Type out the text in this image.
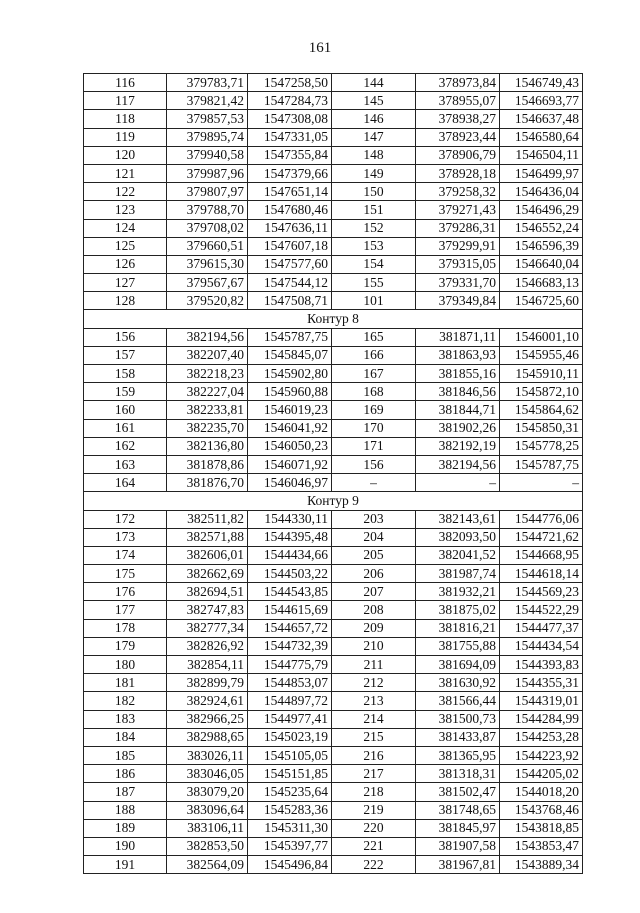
161
116	379783,71	1547258,50	144	378973,84	1546749,43
117	379821,42	1547284,73	145	378955,07	1546693,77
118	379857,53	1547308,08	146	378938,27	1546637,48
119	379895,74	1547331,05	147	378923,44	1546580,64
120	379940,58	1547355,84	148	378906,79	1546504,11
121	379987,96	1547379,66	149	378928,18	1546499,97
122	379807,97	1547651,14	150	379258,32	1546436,04
123	379788,70	1547680,46	151	379271,43	1546496,29
124	379708,02	1547636,11	152	379286,31	1546552,24
125	379660,51	1547607,18	153	379299,91	1546596,39
126	379615,30	1547577,60	154	379315,05	1546640,04
127	379567,67	1547544,12	155	379331,70	1546683,13
128	379520,82	1547508,71	101	379349,84	1546725,60
Контур 8					
156	382194,56	1545787,75	165	381871,11	1546001,10
157	382207,40	1545845,07	166	381863,93	1545955,46
158	382218,23	1545902,80	167	381855,16	1545910,11
159	382227,04	1545960,88	168	381846,56	1545872,10
160	382233,81	1546019,23	169	381844,71	1545864,62
161	382235,70	1546041,92	170	381902,26	1545850,31
162	382136,80	1546050,23	171	382192,19	1545778,25
163	381878,86	1546071,92	156	382194,56	1545787,75
164	381876,70	1546046,97	–	–	–
Контур 9					
172	382511,82	1544330,11	203	382143,61	1544776,06
173	382571,88	1544395,48	204	382093,50	1544721,62
174	382606,01	1544434,66	205	382041,52	1544668,95
175	382662,69	1544503,22	206	381987,74	1544618,14
176	382694,51	1544543,85	207	381932,21	1544569,23
177	382747,83	1544615,69	208	381875,02	1544522,29
178	382777,34	1544657,72	209	381816,21	1544477,37
179	382826,92	1544732,39	210	381755,88	1544434,54
180	382854,11	1544775,79	211	381694,09	1544393,83
181	382899,79	1544853,07	212	381630,92	1544355,31
182	382924,61	1544897,72	213	381566,44	1544319,01
183	382966,25	1544977,41	214	381500,73	1544284,99
184	382988,65	1545023,19	215	381433,87	1544253,28
185	383026,11	1545105,05	216	381365,95	1544223,92
186	383046,05	1545151,85	217	381318,31	1544205,02
187	383079,20	1545235,64	218	381502,47	1544018,20
188	383096,64	1545283,36	219	381748,65	1543768,46
189	383106,11	1545311,30	220	381845,97	1543818,85
190	382853,50	1545397,77	221	381907,58	1543853,47
191	382564,09	1545496,84	222	381967,81	1543889,34
